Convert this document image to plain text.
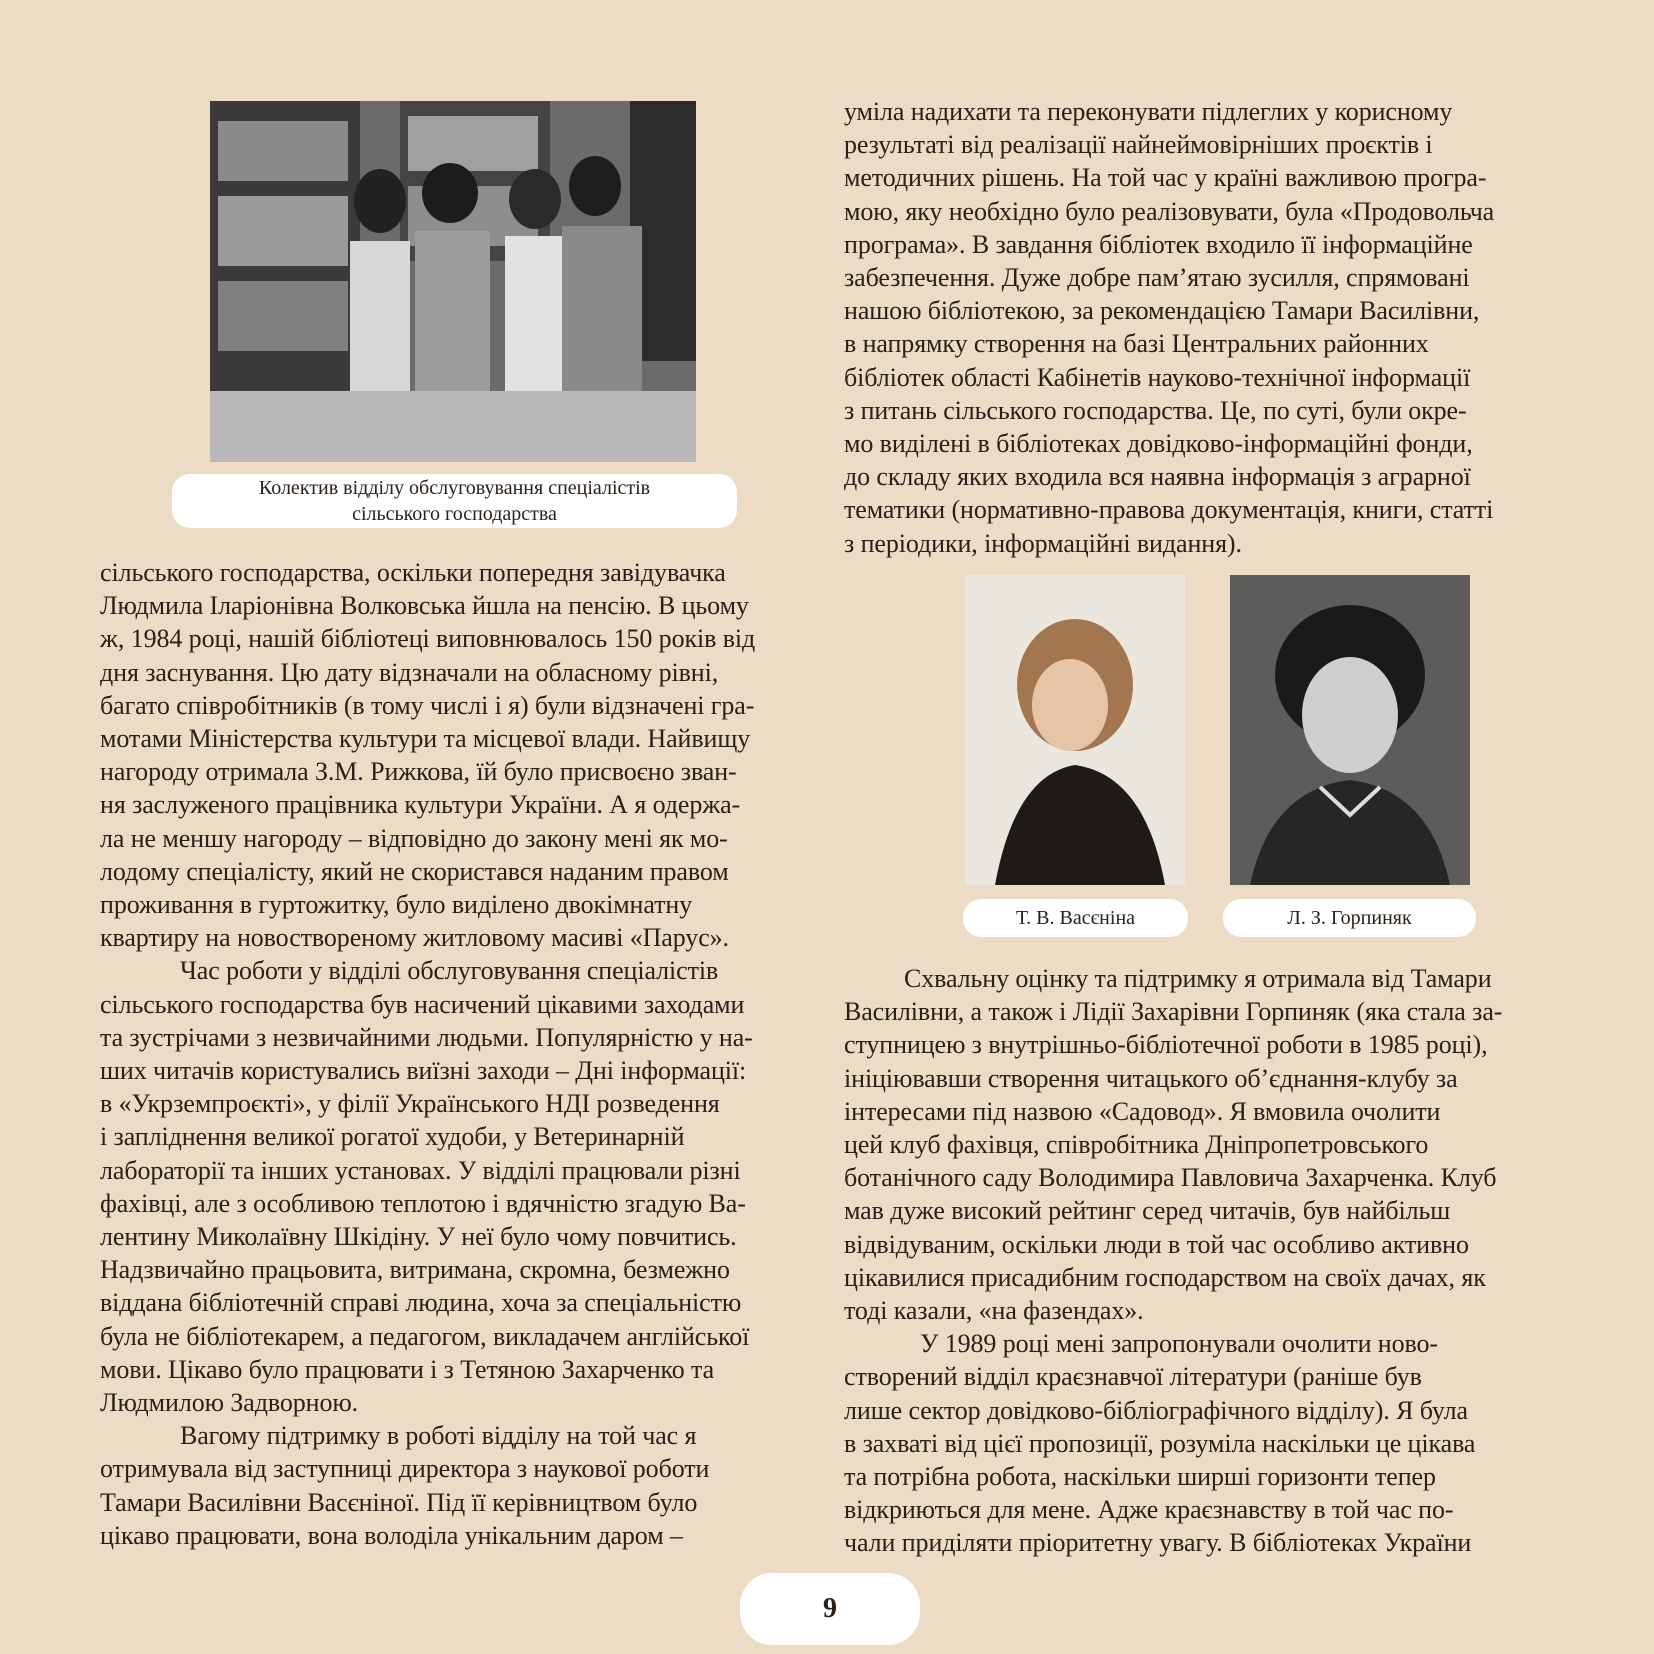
Колектив відділу обслуговування спеціалістів
сільського господарства
Т. В. Васєніна	Л. З. Горпиняк
сільського господарства, оскільки попередня завідувачка
Людмила Іларіонівна Волковська йшла на пенсію. В цьому
ж, 1984 році, нашій бібліотеці виповнювалось 150 років від
дня заснування. Цю дату відзначали на обласному рівні,
багато співробітників (в тому числі і я) були відзначені гра-
мотами Міністерства культури та місцевої влади. Найвищу
нагороду отримала З.М. Рижкова, їй було присвоєно зван-
ня заслуженого працівника культури України. А я одержа-
ла не меншу нагороду – відповідно до закону мені як мо-
лодому спеціалісту, який не скористався наданим правом
проживання в гуртожитку, було виділено двокімнатну
квартиру на новоствореному житловому масиві «Парус».
Час роботи у відділі обслуговування спеціалістів
сільського господарства був насичений цікавими заходами
та зустрічами з незвичайними людьми. Популярністю у на-
ших читачів користувались виїзні заходи – Дні інформації:
в «Укрземпроєкті», у філії Українського НДІ розведення
і запліднення великої рогатої худоби, у Ветеринарній
лабораторії та інших установах. У відділі працювали різні
фахівці, але з особливою теплотою і вдячністю згадую Ва-
лентину Миколаївну Шкідіну. У неї було чому повчитись.
Надзвичайно працьовита, витримана, скромна, безмежно
віддана бібліотечній справі людина, хоча за спеціальністю
була не бібліотекарем, а педагогом, викладачем англійської
мови. Цікаво було працювати і з Тетяною Захарченко та
Людмилою Задворною.
Вагому підтримку в роботі відділу на той час я
отримувала від заступниці директора з наукової роботи
Тамари Василівни Васєніної. Під її керівництвом було
цікаво працювати, вона володіла унікальним даром –
уміла надихати та переконувати підлеглих у корисному
результаті від реалізації найнеймовірніших проєктів і
методичних рішень. На той час у країні важливою програ-
мою, яку необхідно було реалізовувати, була «Продовольча
програма». В завдання бібліотек входило її інформаційне
забезпечення. Дуже добре пам’ятаю зусилля, спрямовані
нашою бібліотекою, за рекомендацією Тамари Василівни,
в напрямку створення на базі Центральних районних
бібліотек області Кабінетів науково-технічної інформації
з питань сільського господарства. Це, по суті, були окре-
мо виділені в бібліотеках довідково-інформаційні фонди,
до складу яких входила вся наявна інформація з аграрної
тематики (нормативно-правова документація, книги, статті
з періодики, інформаційні видання).
Схвальну оцінку та підтримку я отримала від Тамари
Василівни, а також і Лідії Захарівни Горпиняк (яка стала за-
ступницею з внутрішньо-бібліотечної роботи в 1985 році),
ініціювавши створення читацького об’єднання-клубу за
інтересами під назвою «Садовод». Я вмовила очолити
цей клуб фахівця, співробітника Дніпропетровського
ботанічного саду Володимира Павловича Захарченка. Клуб
мав дуже високий рейтинг серед читачів, був найбільш
відвідуваним, оскільки люди в той час особливо активно
цікавилися присадибним господарством на своїх дачах, як
тоді казали, «на фазендах».
У 1989 році мені запропонували очолити ново-
створений відділ краєзнавчої літератури (раніше був
лише сектор довідково-бібліографічного відділу). Я була
в захваті від цієї пропозиції, розуміла наскільки це цікава
та потрібна робота, наскільки ширші горизонти тепер
відкриються для мене. Адже краєзнавству в той час по-
чали приділяти пріоритетну увагу. В бібліотеках України
9
